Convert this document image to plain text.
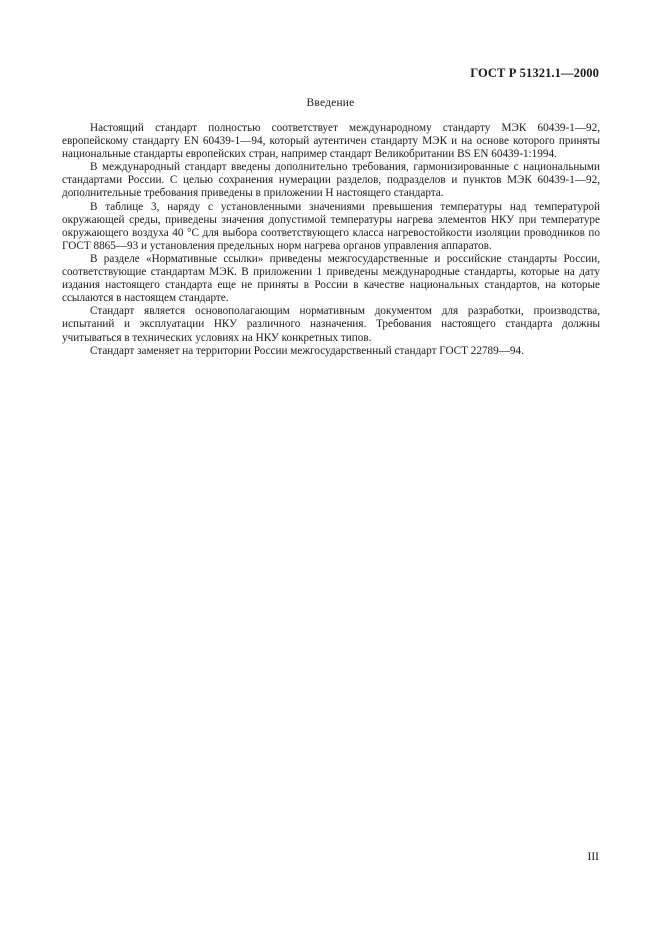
ГОСТ Р 51321.1—2000
Введение

Настоящий стандарт полностью соответствует международному стандарту МЭК 60439-1—92, европейскому стандарту EN 60439-1—94, который аутентичен стандарту МЭК и на основе которого приняты национальные стандарты европейских стран, например стандарт Великобритании BS EN 60439-1:1994.

В международный стандарт введены дополнительно требования, гармонизированные с национальными стандартами России. С целью сохранения нумерации разделов, подразделов и пунктов МЭК 60439-1—92, дополнительные требования приведены в приложении Н настоящего стандарта.

В таблице 3, наряду с установленными значениями превышения температуры над температурой окружающей среды, приведены значения допустимой температуры нагрева элементов НКУ при температуре окружающего воздуха 40 °С для выбора соответствующего класса нагревостойкости изоляции проводников по ГОСТ 8865—93 и установления предельных норм нагрева органов управления аппаратов.

В разделе «Нормативные ссылки» приведены межгосударственные и российские стандарты России, соответствующие стандартам МЭК. В приложении 1 приведены международные стандарты, которые на дату издания настоящего стандарта еще не приняты в России в качестве национальных стандартов, на которые ссылаются в настоящем стандарте.

Стандарт является основополагающим нормативным документом для разработки, производства, испытаний и эксплуатации НКУ различного назначения. Требования настоящего стандарта должны учитываться в технических условиях на НКУ конкретных типов.

Стандарт заменяет на территории России межгосударственный стандарт ГОСТ 22789—94.

III
